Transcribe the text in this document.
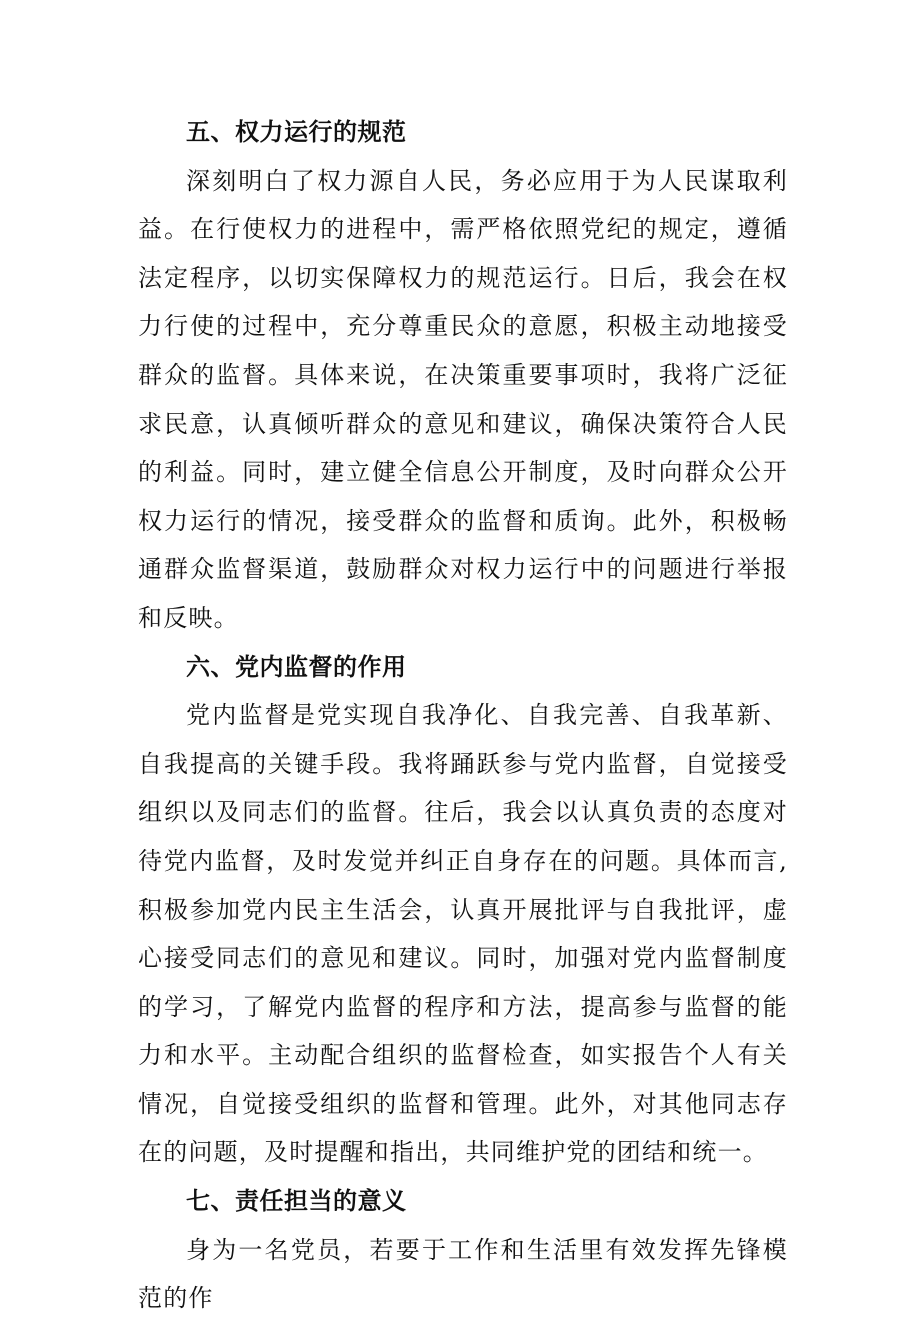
五、权力运行的规范
深刻明白了权力源自人民，务必应用于为人民谋取利益。在行使权力的进程中，需严格依照党纪的规定，遵循法定程序，以切实保障权力的规范运行。日后，我会在权力行使的过程中，充分尊重民众的意愿，积极主动地接受群众的监督。具体来说，在决策重要事项时，我将广泛征求民意，认真倾听群众的意见和建议，确保决策符合人民的利益。同时，建立健全信息公开制度，及时向群众公开权力运行的情况，接受群众的监督和质询。此外，积极畅通群众监督渠道，鼓励群众对权力运行中的问题进行举报和反映。
六、党内监督的作用
党内监督是党实现自我净化、自我完善、自我革新、自我提高的关键手段。我将踊跃参与党内监督，自觉接受组织以及同志们的监督。往后，我会以认真负责的态度对待党内监督，及时发觉并纠正自身存在的问题。具体而言,积极参加党内民主生活会，认真开展批评与自我批评，虚心接受同志们的意见和建议。同时，加强对党内监督制度的学习，了解党内监督的程序和方法，提高参与监督的能力和水平。主动配合组织的监督检查，如实报告个人有关情况，自觉接受组织的监督和管理。此外，对其他同志存在的问题，及时提醒和指出，共同维护党的团结和统一。
七、责任担当的意义
身为一名党员，若要于工作和生活里有效发挥先锋模范的作
